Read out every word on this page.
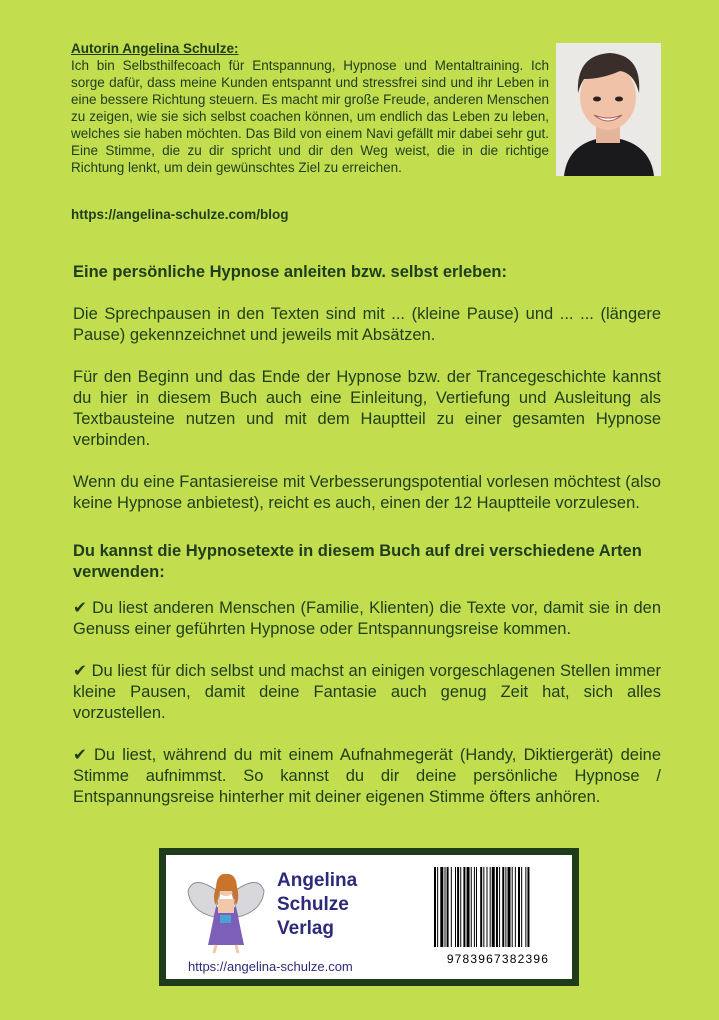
Autorin Angelina Schulze:

Ich bin Selbsthilfecoach für Entspannung, Hypnose und Mentaltraining. Ich sorge dafür, dass meine Kunden entspannt und stressfrei sind und ihr Leben in eine bessere Richtung steuern. Es macht mir große Freude, anderen Menschen zu zeigen, wie sie sich selbst coachen können, um endlich das Leben zu leben, welches sie haben möchten. Das Bild von einem Navi gefällt mir dabei sehr gut. Eine Stimme, die zu dir spricht und dir den Weg weist, die in die richtige Richtung lenkt, um dein gewünschtes Ziel zu erreichen.

https://angelina-schulze.com/blog

Eine persönliche Hypnose anleiten bzw. selbst erleben:

Die Sprechpausen in den Texten sind mit ... (kleine Pause) und ... ... (längere Pause) gekennzeichnet und jeweils mit Absätzen.

Für den Beginn und das Ende der Hypnose bzw. der Trancegeschichte kannst du hier in diesem Buch auch eine Einleitung, Vertiefung und Ausleitung als Textbausteine nutzen und mit dem Hauptteil zu einer gesamten Hypnose verbinden.

Wenn du eine Fantasiereise mit Verbesserungspotential vorlesen möchtest (also keine Hypnose anbietest), reicht es auch, einen der 12 Hauptteile vorzulesen.

Du kannst die Hypnosetexte in diesem Buch auf drei verschiedene Arten verwenden:

✔ Du liest anderen Menschen (Familie, Klienten) die Texte vor, damit sie in den Genuss einer geführten Hypnose oder Entspannungsreise kommen.

✔ Du liest für dich selbst und machst an einigen vorgeschlagenen Stellen immer kleine Pausen, damit deine Fantasie auch genug Zeit hat, sich alles vorzustellen.

✔ Du liest, während du mit einem Aufnahmegerät (Handy, Diktiergerät) deine Stimme aufnimmst. So kannst du dir deine persönliche Hypnose / Entspannungsreise hinterher mit deiner eigenen Stimme öfters anhören.

Angelina
Schulze
Verlag
https://angelina-schulze.com	9783967382396
